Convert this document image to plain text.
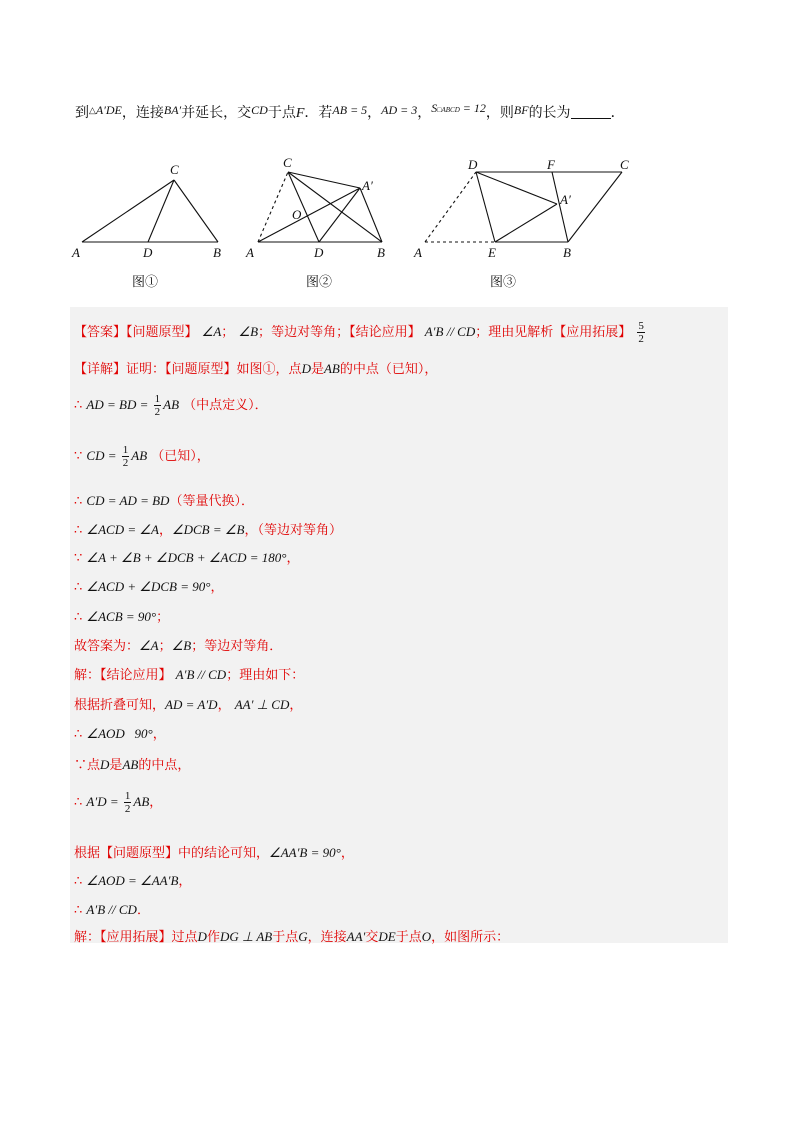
到△A′DE，连接BA′并延长，交CD于点F．若AB = 5，AD = 3，S□ABCD = 12，则BF的长为	．
A	B
C
D
图①
A	B
C
D
A′
O
图②
A	B
C
D
E
F
A′
图③
【答案】【问题原型】 ∠A； ∠B；等边对等角；【结论应用】 A′B // CD；理由见解析【应用拓展】 $\frac{5}{2}$
【详解】证明：【问题原型】如图①，点D是AB的中点（已知），
∴ AD = BD = $\frac{1}{2}$ AB （中点定义）．
∵ CD = $\frac{1}{2}$ AB （已知），
∴ CD = AD = BD（等量代换）．
∴ ∠ACD = ∠A，∠DCB = ∠B，（等边对等角）
∵ ∠A + ∠B + ∠DCB + ∠ACD = 180°，
∴ ∠ACD + ∠DCB = 90°，
∴ ∠ACB = 90°；
故答案为：∠A；∠B；等边对等角．
解：【结论应用】 A′B // CD；理由如下：
根据折叠可知，AD = A′D， AA′ ⊥ CD，
∴ ∠AOD   90°，
∵点D是AB的中点，
∴ $A'D = \frac{1}{2}$ AB，
根据【问题原型】中的结论可知，∠AA′B = 90°，
∴ ∠AOD = ∠AA′B，
∴ A′B // CD．
解：【应用拓展】过点D作DG ⊥ AB于点G，连接AA′交DE于点O，如图所示：
